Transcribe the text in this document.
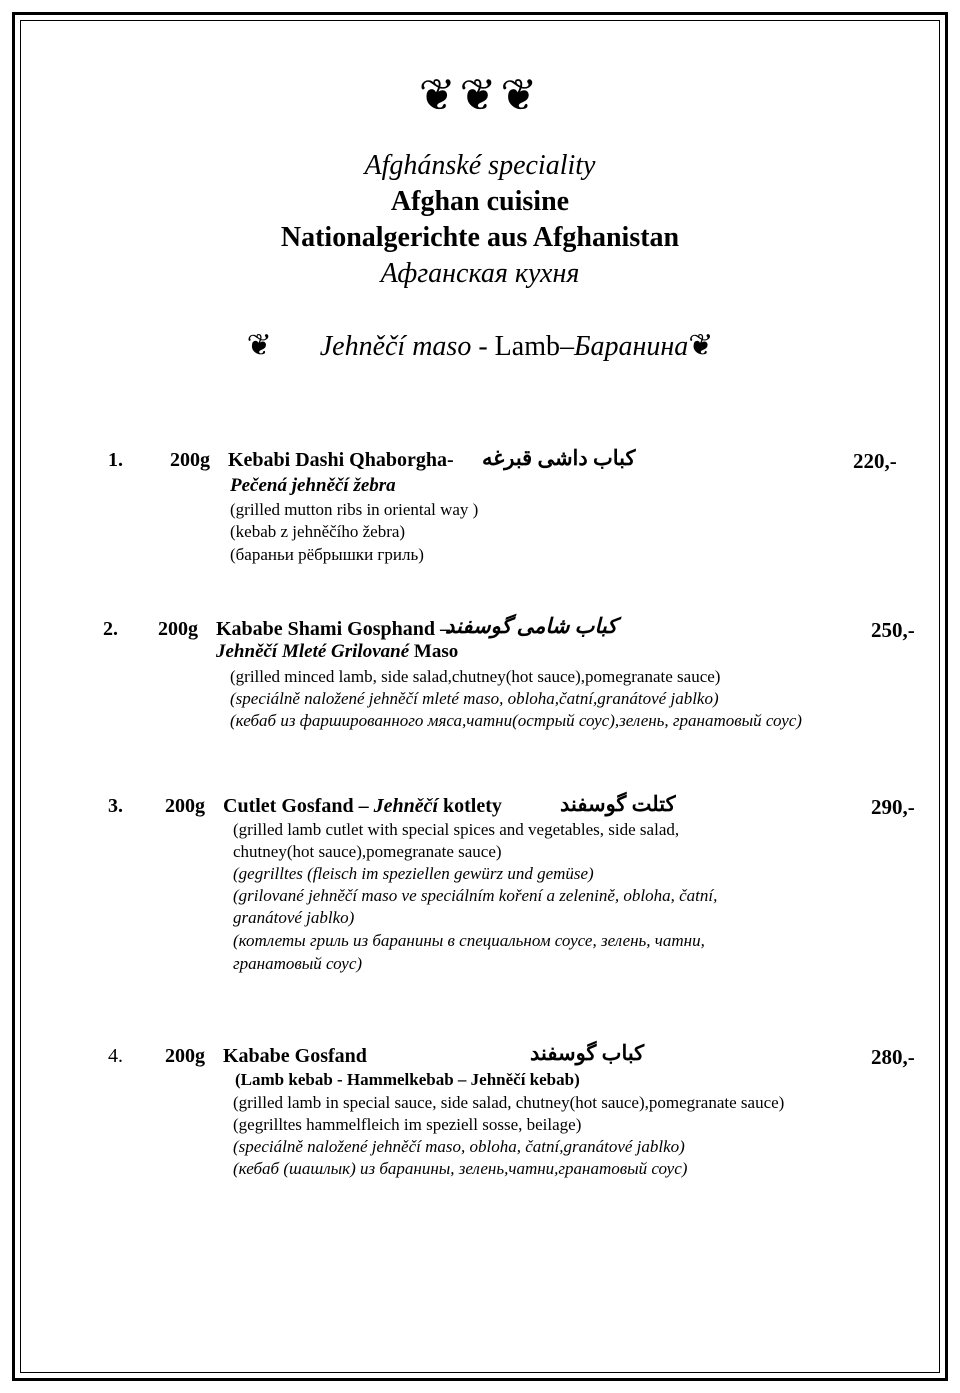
❦❦❦
Afghánské speciality
Afghan cuisine
Nationalgerichte aus Afghanistan
Афганская кухня
❦ Jehněčí maso - Lamb–Баранина❦
1. 200g Kebabi Dashi Qhaborgha- کباب داشی قبرغه	220,-
Pečená jehněčí žebra
(grilled mutton ribs in oriental way )
(kebab z jehněčího žebra)
(бараньи рёбрышки гриль)
2. 200g Kababe Shami Gosphand –
کباب شامی گوسفند	250,-
Jehněčí Mleté Grilované Maso
(grilled minced lamb, side salad,chutney(hot sauce),pomegranate sauce)
(speciálně naložené jehněčí mleté maso, obloha,čatní,granátové jablko)
(кебаб из фаршированного мяса,чатни(острый соус),зелень, гранатовый соус)
3. 200g Cutlet Gosfand – Jehněčí kotlety	کتلت گوسفند	290,-
(grilled lamb cutlet with special spices and vegetables, side salad,
chutney(hot sauce),pomegranate sauce)
(gegrilltes (fleisch im speziellen gewürz und gemüse)
(grilované jehněčí maso ve speciálním koření a zelenině, obloha, čatní,
granátové jablko)
(котлеты гриль из баранины в специальном соусе, зелень, чатни,
гранатовый соус)
4. 200g Kababe Gosfand	کباب گوسفند	280,-
(Lamb kebab - Hammelkebab – Jehněčí kebab)
(grilled lamb in special sauce, side salad, chutney(hot sauce),pomegranate sauce)
(gegrilltes hammelfleich im speziell sosse, beilage)
(speciálně naložené jehněčí maso, obloha, čatní,granátové jablko)
(кебаб (шашлык) из баранины, зелень,чатни,гранатовый соус)
